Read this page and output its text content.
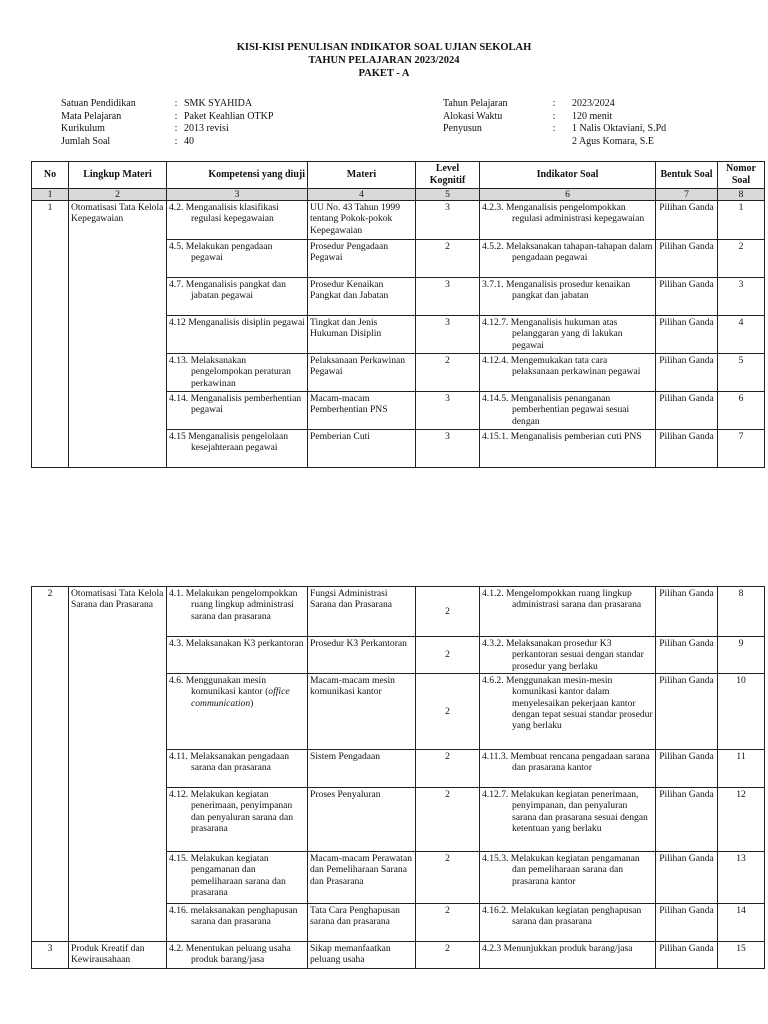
KISI-KISI PENULISAN INDIKATOR SOAL UJIAN SEKOLAH
TAHUN PELAJARAN 2023/2024
PAKET - A
Satuan Pendidikan	: SMK SYAHIDA
Mata Pelajaran	: Paket Keahlian OTKP
Kurikulum	: 2013 revisi
Jumlah Soal	: 40
Tahun Pelajaran	:	2023/2024
Alokasi Waktu	:	120 menit
Penyusun	:	1 Nalis Oktaviani, S.Pd
2 Agus Komara, S.E
No	Lingkup Materi	Kompetensi yang diuji	Materi	Level Kognitif	Indikator Soal	Bentuk Soal	Nomor Soal
1	2	3	4	5	6	7	8
1	Otomatisasi Tata Kelola Kepegawaian	4.2. Menganalisis klasifikasi regulasi kepegawaian	UU No. 43 Tahun 1999 tentang Pokok-pokok Kepegawaian	3	4.2.3. Menganalisis pengelompokkan regulasi administrasi kepegawaian	Pilihan Ganda	1

		4.5. Melakukan pengadaan pegawai	Prosedur Pengadaan Pegawai	2	4.5.2. Melaksanakan tahapan-tahapan dalam pengadaan pegawai	Pilihan Ganda	2

		4.7. Menganalisis pangkat dan jabatan pegawai	Prosedur Kenaikan Pangkat dan Jabatan	3	3.7.1. Menganalisis prosedur kenaikan pangkat dan jabatan	Pilihan Ganda	3

		4.12 Menganalisis disiplin pegawai	Tingkat dan Jenis Hukuman Disiplin	3	4.12.7. Menganalisis hukuman atas pelanggaran yang di lakukan pegawai	Pilihan Ganda	4

		4.13. Melaksanakan pengelompokan peraturan perkawinan	Pelaksanaan Perkawinan Pegawai	2	4.12.4. Mengemukakan tata cara pelaksanaan perkawinan pegawai	Pilihan Ganda	5

		4.14. Menganalisis pemberhentian pegawai	Macam-macam Pemberhentian PNS	3	4.14.5. Menganalisis penanganan pemberhentian pegawai sesuai dengan	Pilihan Ganda	6

		4.15 Menganalisis pengelolaan kesejahteraan pegawai	Pemberian Cuti	3	4.15.1. Menganalisis pemberian cuti PNS	Pilihan Ganda	7
2	Otomatisasi Tata Kelola Sarana dan Prasarana	4.1. Melakukan pengelompokkan ruang lingkup administrasi sarana dan prasarana	Fungsi Administrasi Sarana dan Prasarana	2	4.1.2. Mengelompokkan ruang lingkup administrasi sarana dan prasarana	Pilihan Ganda	8

		4.3. Melaksanakan K3 perkantoran	Prosedur K3 Perkantoran	2	4.3.2. Melaksanakan prosedur K3 perkantoran sesuai dengan standar prosedur yang berlaku	Pilihan Ganda	9

		4.6. Menggunakan mesin komunikasi kantor (office communication)	Macam-macam mesin komunikasi kantor	2	4.6.2. Menggunakan mesin-mesin komunikasi kantor dalam menyelesaikan pekerjaan kantor dengan tepat sesuai standar prosedur yang berlaku	Pilihan Ganda	10

		4.11. Melaksanakan pengadaan sarana dan prasarana	Sistem Pengadaan	2	4.11.3. Membuat rencana pengadaan sarana dan prasarana kantor	Pilihan Ganda	11

		4.12. Melakukan kegiatan penerimaan, penyimpanan dan penyaluran sarana dan prasarana	Proses Penyaluran	2	4.12.7. Melakukan kegiatan penerimaan, penyimpanan, dan penyaluran sarana dan prasarana sesuai dengan ketentuan yang berlaku	Pilihan Ganda	12

		4.15. Melakukan kegiatan pengamanan dan pemeliharaan sarana dan prasarana	Macam-macam Perawatan dan Pemeliharaan Sarana dan Prasarana	2	4.15.3. Melakukan kegiatan pengamanan dan pemeliharaan sarana dan prasarana kantor	Pilihan Ganda	13

		4.16. melaksanakan penghapusan sarana dan prasarana	Tata Cara Penghapusan sarana dan prasarana	2	4.16.2. Melakukan kegiatan penghapusan sarana dan prasarana	Pilihan Ganda	14
3	Produk Kreatif dan Kewirausahaan	4.2. Menentukan peluang usaha produk barang/jasa	Sikap memanfaatkan peluang usaha	2	4.2.3 Menunjukkan produk barang/jasa	Pilihan Ganda	15
